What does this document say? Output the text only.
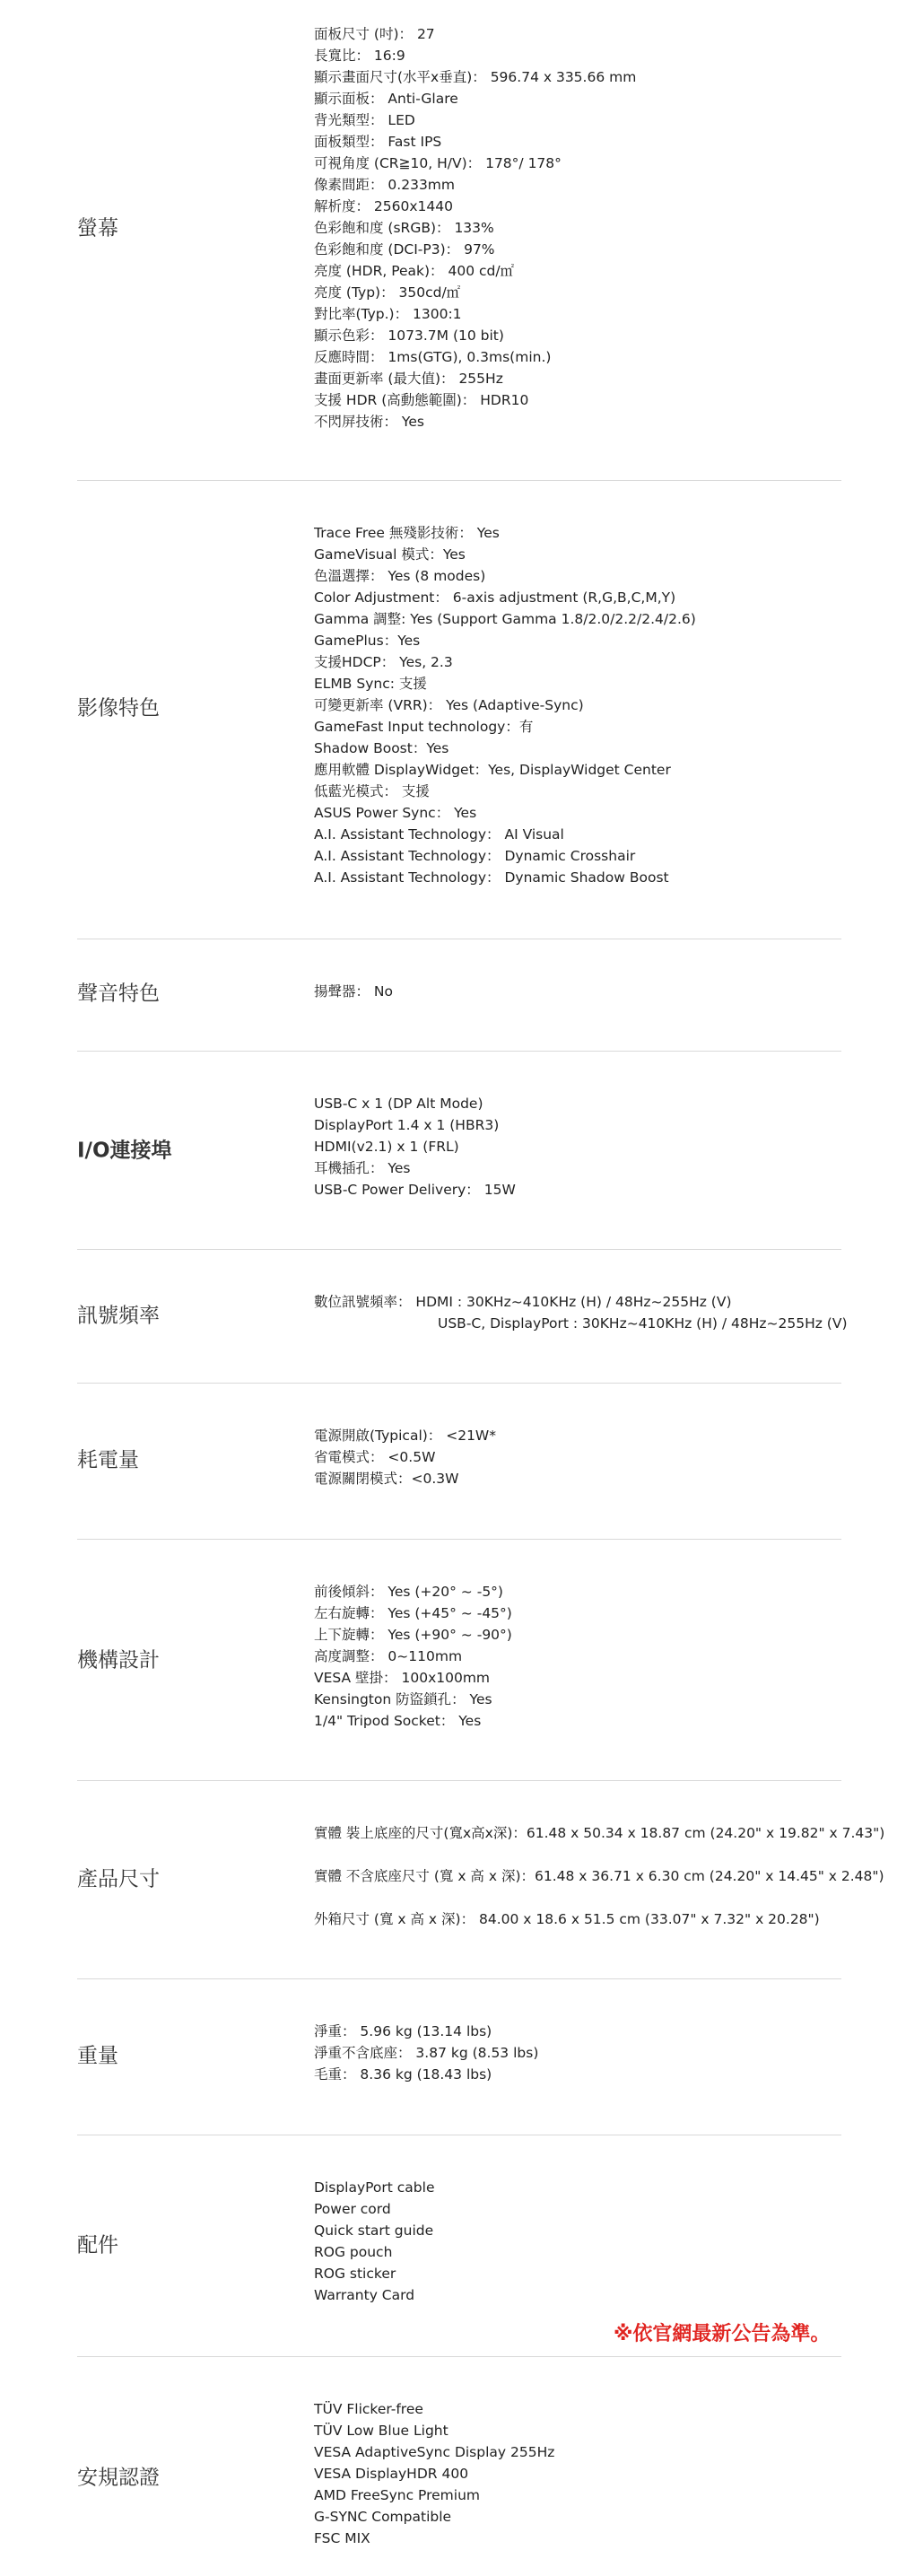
螢幕
面板尺寸 (吋)： 27
長寬比： 16:9
顯示畫面尺寸(水平x垂直)： 596.74 x 335.66 mm
顯示面板： Anti-Glare
背光類型： LED
面板類型： Fast IPS
可視角度 (CR≧10, H/V)： 178°/ 178°
像素間距： 0.233mm
解析度： 2560x1440
色彩飽和度 (sRGB)： 133%
色彩飽和度 (DCI-P3)： 97%
亮度 (HDR, Peak)： 400 cd/㎡
亮度 (Typ)： 350cd/㎡
對比率(Typ.)： 1300:1
顯示色彩： 1073.7M (10 bit)
反應時間： 1ms(GTG), 0.3ms(min.)
畫面更新率 (最大值)： 255Hz
支援 HDR (高動態範圍)： HDR10
不閃屏技術： Yes
影像特色
Trace Free 無殘影技術： Yes
GameVisual 模式：Yes
色溫選擇： Yes (8 modes)
Color Adjustment： 6-axis adjustment (R,G,B,C,M,Y)
Gamma 調整: Yes (Support Gamma 1.8/2.0/2.2/2.4/2.6)
GamePlus：Yes
支援HDCP： Yes, 2.3
ELMB Sync: 支援
可變更新率 (VRR)： Yes (Adaptive-Sync)
GameFast Input technology：有
Shadow Boost：Yes
應用軟體 DisplayWidget：Yes, DisplayWidget Center
低藍光模式： 支援
ASUS Power Sync： Yes
A.I. Assistant Technology： AI Visual
A.I. Assistant Technology： Dynamic Crosshair
A.I. Assistant Technology： Dynamic Shadow Boost
聲音特色	揚聲器： No
I/O連接埠
USB-C x 1 (DP Alt Mode)
DisplayPort 1.4 x 1 (HBR3)
HDMI(v2.1) x 1 (FRL)
耳機插孔： Yes
USB-C Power Delivery： 15W
訊號頻率
數位訊號頻率： HDMI : 30KHz~410KHz (H) / 48Hz~255Hz (V)
USB-C, DisplayPort : 30KHz~410KHz (H) / 48Hz~255Hz (V)
耗電量
電源開啟(Typical)： <21W*
省電模式： <0.5W
電源關閉模式：<0.3W
機構設計
前後傾斜： Yes (+20° ~ -5°)
左右旋轉： Yes (+45° ~ -45°)
上下旋轉： Yes (+90° ~ -90°)
高度調整： 0~110mm
VESA 壁掛： 100x100mm
Kensington 防盜鎖孔： Yes
1/4" Tripod Socket： Yes
產品尺寸
實體 裝上底座的尺寸(寬x高x深)：61.48 x 50.34 x 18.87 cm (24.20" x 19.82" x 7.43")
實體 不含底座尺寸 (寬 x 高 x 深)：61.48 x 36.71 x 6.30 cm (24.20" x 14.45" x 2.48")
外箱尺寸 (寬 x 高 x 深)： 84.00 x 18.6 x 51.5 cm (33.07" x 7.32" x 20.28")
重量
淨重： 5.96 kg (13.14 lbs)
淨重不含底座： 3.87 kg (8.53 lbs)
毛重： 8.36 kg (18.43 lbs)
配件
DisplayPort cable
Power cord
Quick start guide
ROG pouch
ROG sticker
Warranty Card
※依官網最新公告為準。
安規認證
TÜV Flicker-free
TÜV Low Blue Light
VESA AdaptiveSync Display 255Hz
VESA DisplayHDR 400
AMD FreeSync Premium
G-SYNC Compatible
FSC MIX
